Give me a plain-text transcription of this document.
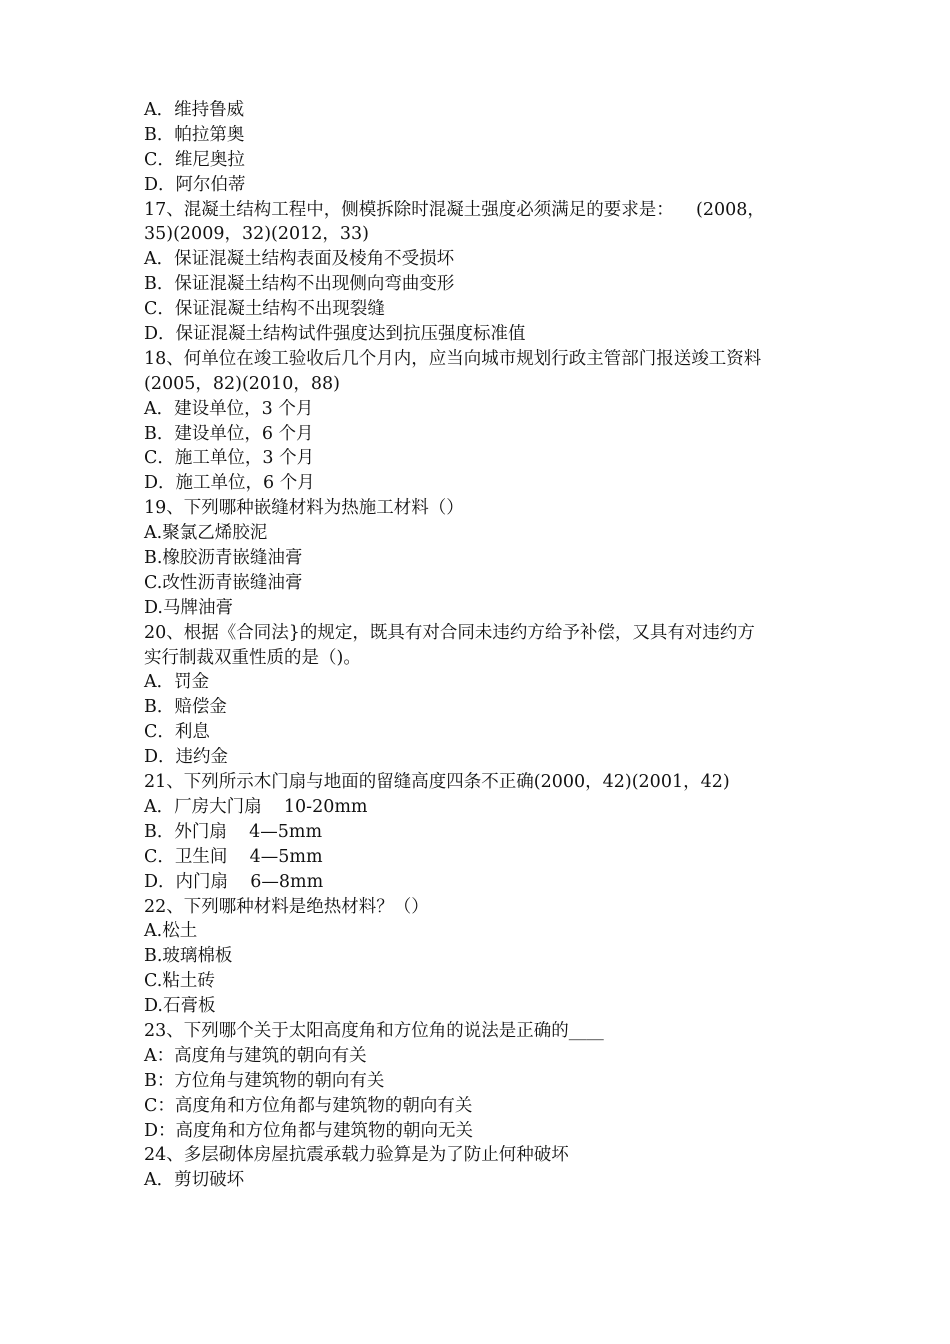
A．维持鲁威
B．帕拉第奥
C．维尼奥拉
D．阿尔伯蒂
17、混凝土结构工程中，侧模拆除时混凝土强度必须满足的要求是：    (2008，
35)(2009，32)(2012，33)
A．保证混凝土结构表面及棱角不受损坏
B．保证混凝土结构不出现侧向弯曲变形
C．保证混凝土结构不出现裂缝
D．保证混凝土结构试件强度达到抗压强度标准值
18、何单位在竣工验收后几个月内，应当向城市规划行政主管部门报送竣工资料
(2005，82)(2010，88)
A．建设单位，3 个月
B．建设单位，6 个月
C．施工单位，3 个月
D．施工单位，6 个月
19、下列哪种嵌缝材料为热施工材料（）
A.聚氯乙烯胶泥
B.橡胶沥青嵌缝油膏
C.改性沥青嵌缝油膏
D.马牌油膏
20、根据《合同法}的规定，既具有对合同未违约方给予补偿，又具有对违约方
实行制裁双重性质的是（)。
A．罚金
B．赔偿金
C．利息
D．违约金
21、下列所示木门扇与地面的留缝高度四条不正确(2000，42)(2001，42)
A．厂房大门扇    10-20mm
B．外门扇    4—5mm
C．卫生间    4—5mm
D．内门扇    6—8mm
22、下列哪种材料是绝热材料？（）
A.松土
B.玻璃棉板
C.粘土砖
D.石膏板
23、下列哪个关于太阳高度角和方位角的说法是正确的____
A：高度角与建筑的朝向有关
B：方位角与建筑物的朝向有关
C：高度角和方位角都与建筑物的朝向有关
D：高度角和方位角都与建筑物的朝向无关
24、多层砌体房屋抗震承载力验算是为了防止何种破坏
A．剪切破坏
